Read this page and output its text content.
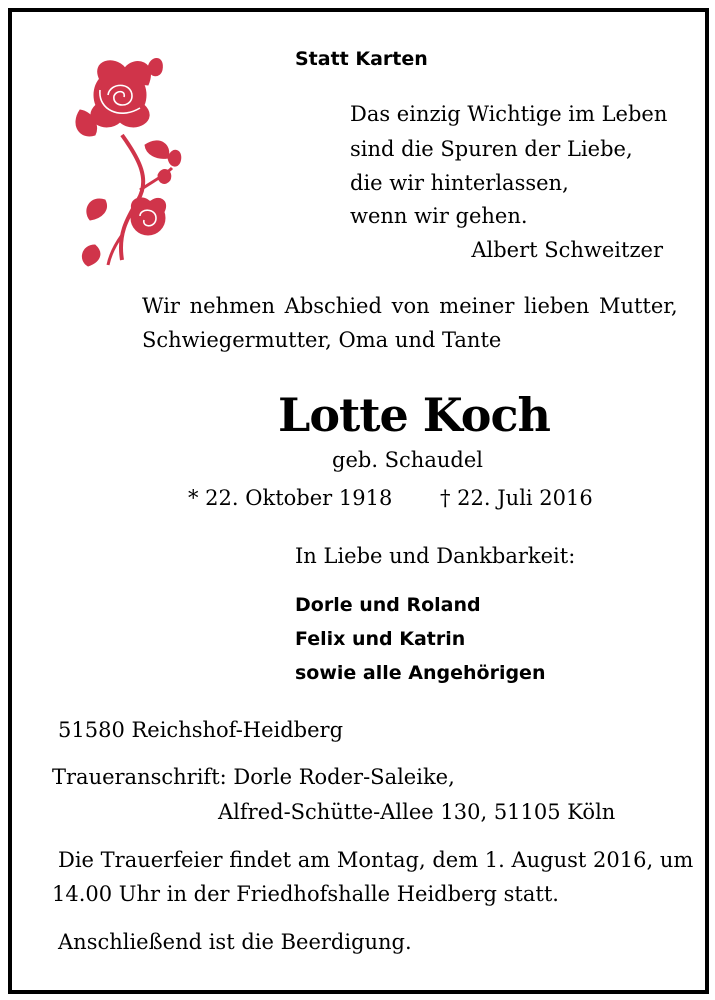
Statt Karten
Das einzig Wichtige im Leben
sind die Spuren der Liebe,
die wir hinterlassen,
wenn wir gehen.
Albert Schweitzer
Wir nehmen Abschied von meiner lieben Mutter,
Schwiegermutter, Oma und Tante
Lotte Koch
geb. Schaudel
* 22. Oktober 1918 † 22. Juli 2016
In Liebe und Dankbarkeit:
Dorle und Roland
Felix und Katrin
sowie alle Angehörigen
51580 Reichshof-Heidberg
Traueranschrift: Dorle Roder-Saleike,
Alfred-Schütte-Allee 130, 51105 Köln
Die Trauerfeier findet am Montag, dem 1. August 2016, um
14.00 Uhr in der Friedhofshalle Heidberg statt.
Anschließend ist die Beerdigung.
